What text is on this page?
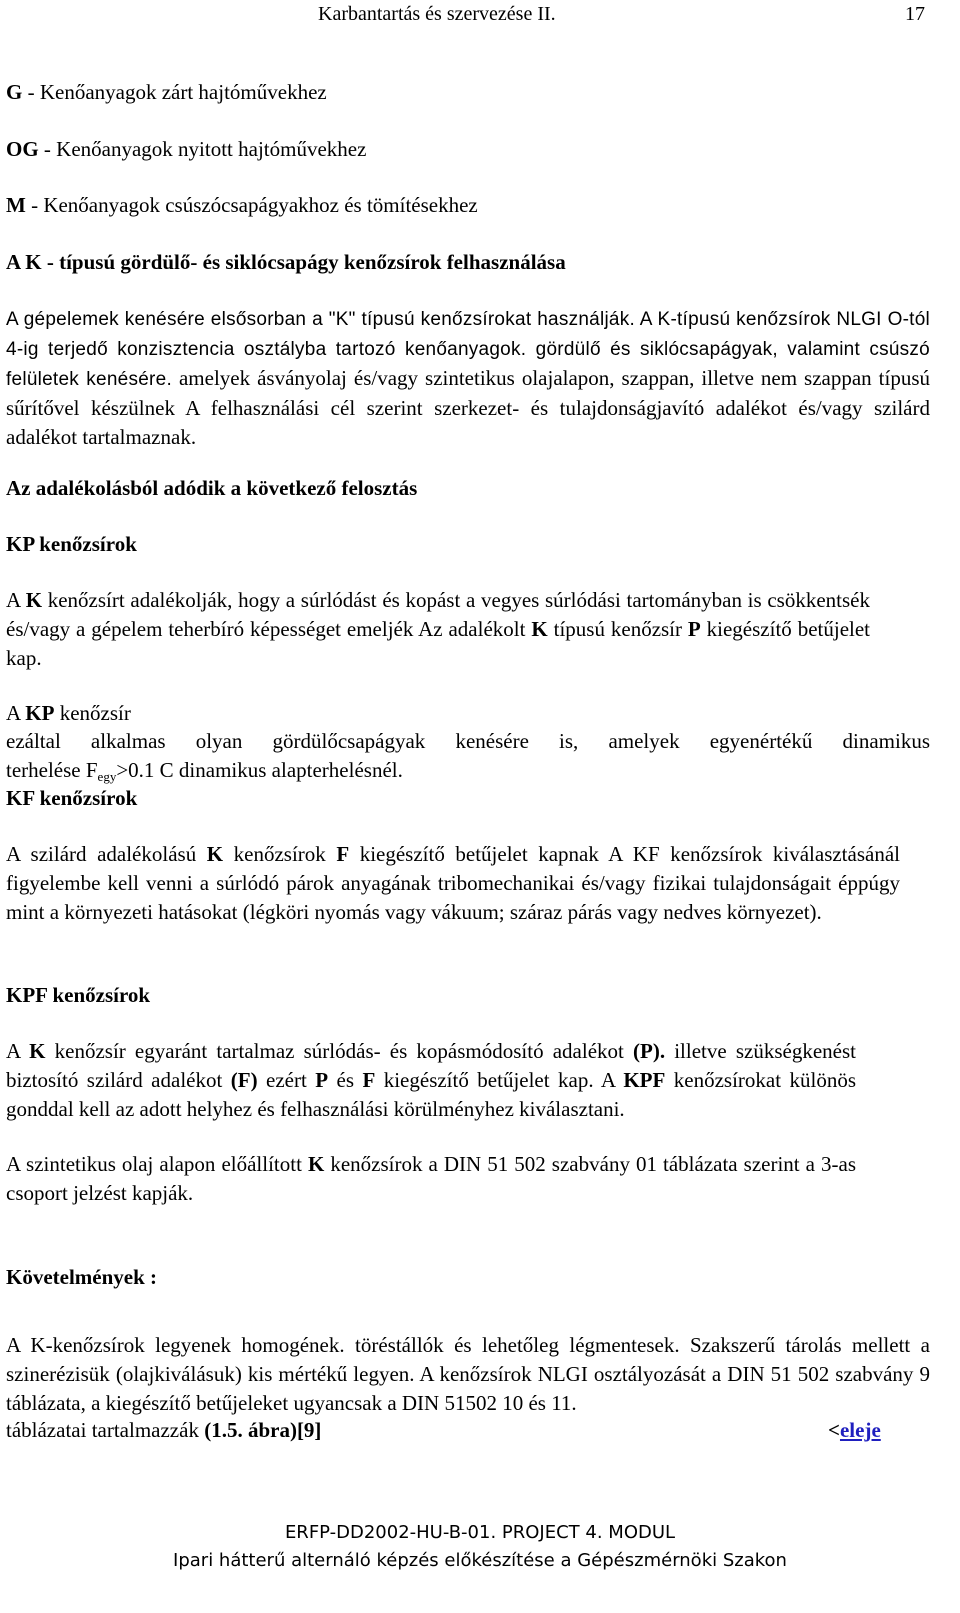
Karbantartás és szervezése II.	17
G - Kenőanyagok zárt hajtóművekhez
OG - Kenőanyagok nyitott hajtóművekhez
M - Kenőanyagok csúszócsapágyakhoz és tömítésekhez
A K - típusú gördülő- és siklócsapágy kenőzsírok felhasználása
A gépelemek kenésére elsősorban a "K" típusú kenőzsírokat használják. A K-típusú kenőzsírok NLGI O-tól 4-ig terjedő konzisztencia osztályba tartozó kenőanyagok. gördülő és siklócsapágyak, valamint csúszó felületek kenésére. amelyek ásványolaj és/vagy szintetikus olajalapon, szappan, illetve nem szappan típusú sűrítővel készülnek A felhasználási cél szerint szerkezet- és tulajdonságjavító adalékot és/vagy szilárd adalékot tartalmaznak.
Az adalékolásból adódik a következő felosztás
KP kenőzsírok
A K kenőzsírt adalékolják, hogy a súrlódást és kopást a vegyes súrlódási tartományban is csökkentsék és/vagy a gépelem teherbíró képességet emeljék Az adalékolt K típusú kenőzsír P kiegészítő betűjelet kap.
A KP kenőzsír
ezáltal alkalmas olyan gördülőcsapágyak kenésére is, amelyek egyenértékű dinamikus
terhelése $F_{egy}>0.1$ C dinamikus alapterhelésnél.
KF kenőzsírok
A szilárd adalékolású K kenőzsírok F kiegészítő betűjelet kapnak A KF kenőzsírok kiválasztásánál figyelembe kell venni a súrlódó párok anyagának tribomechanikai és/vagy fizikai tulajdonságait éppúgy mint a környezeti hatásokat (légköri nyomás vagy vákuum; száraz párás vagy nedves környezet).
KPF kenőzsírok
A K kenőzsír egyaránt tartalmaz súrlódás- és kopásmódosító adalékot (P). illetve szükségkenést biztosító szilárd adalékot (F) ezért P és F kiegészítő betűjelet kap. A KPF kenőzsírokat különös gonddal kell az adott helyhez és felhasználási körülményhez kiválasztani.
A szintetikus olaj alapon előállított K kenőzsírok a DIN 51 502 szabvány 01 táblázata szerint a 3-as csoport jelzést kapják.
Követelmények :
A K-kenőzsírok legyenek homogének. töréstállók és lehetőleg légmentesek. Szakszerű tárolás mellett a szinerézisük (olajkiválásuk) kis mértékű legyen. A kenőzsírok NLGI osztályozását a DIN 51 502 szabvány 9 táblázata, a kiegészítő betűjeleket ugyancsak a DIN 51502 10 és 11.
táblázatai tartalmazzák (1.5. ábra)[9]	<eleje
ERFP-DD2002-HU-B-01. PROJECT 4. MODUL
Ipari hátterű alternáló képzés előkészítése a Gépészmérnöki Szakon
